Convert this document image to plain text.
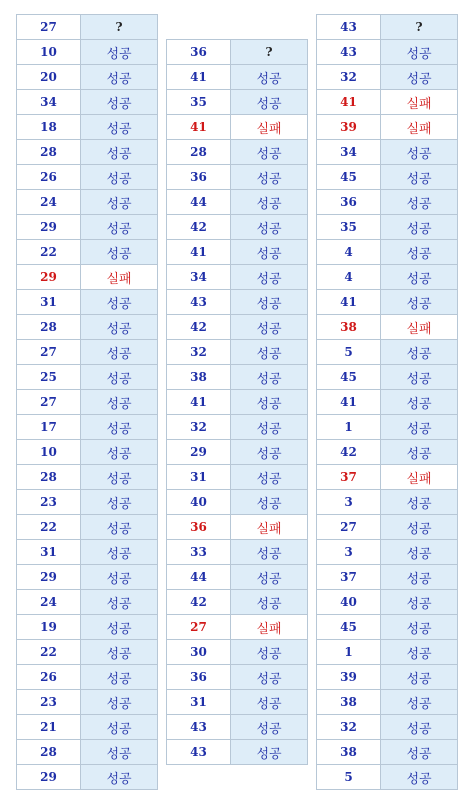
27	?
10	성공
20	성공
34	성공
18	성공
28	성공
26	성공
24	성공
29	성공
22	성공
29	실패
31	성공
28	성공
27	성공
25	성공
27	성공
17	성공
10	성공
28	성공
23	성공
22	성공
31	성공
29	성공
24	성공
19	성공
22	성공
26	성공
23	성공
21	성공
28	성공
29	성공
36	?
41	성공
35	성공
41	실패
28	성공
36	성공
44	성공
42	성공
41	성공
34	성공
43	성공
42	성공
32	성공
38	성공
41	성공
32	성공
29	성공
31	성공
40	성공
36	실패
33	성공
44	성공
42	성공
27	실패
30	성공
36	성공
31	성공
43	성공
43	성공
43	?
43	성공
32	성공
41	실패
39	실패
34	성공
45	성공
36	성공
35	성공
4	성공
4	성공
41	성공
38	실패
5	성공
45	성공
41	성공
1	성공
42	성공
37	실패
3	성공
27	성공
3	성공
37	성공
40	성공
45	성공
1	성공
39	성공
38	성공
32	성공
38	성공
5	성공
